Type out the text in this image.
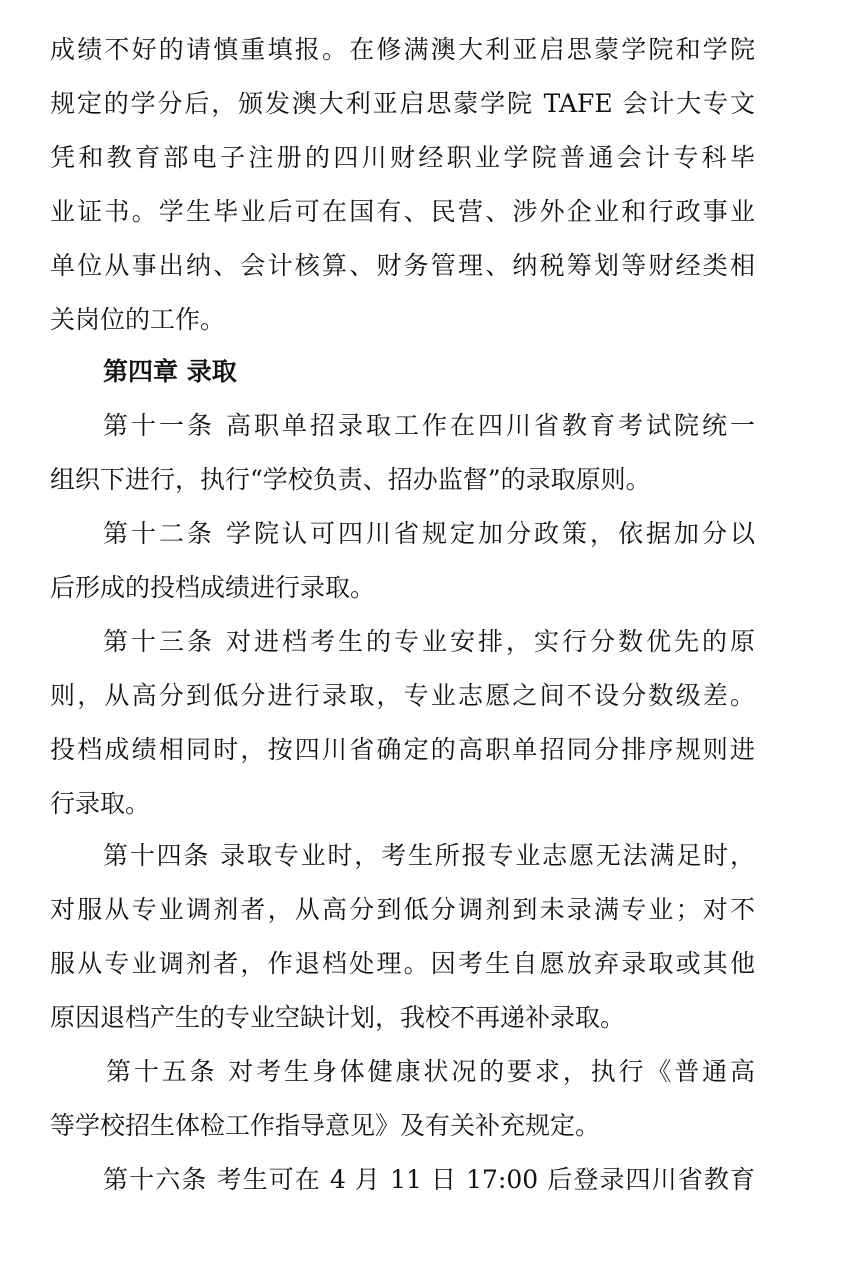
成绩不好的请慎重填报。在修满澳大利亚启思蒙学院和学院
规定的学分后，颁发澳大利亚启思蒙学院 TAFE 会计大专文
凭和教育部电子注册的四川财经职业学院普通会计专科毕
业证书。学生毕业后可在国有、民营、涉外企业和行政事业
单位从事出纳、会计核算、财务管理、纳税筹划等财经类相
关岗位的工作。
第四章 录取
第十一条 高职单招录取工作在四川省教育考试院统一
组织下进行，执行“学校负责、招办监督”的录取原则。
第十二条 学院认可四川省规定加分政策，依据加分以
后形成的投档成绩进行录取。
第十三条 对进档考生的专业安排，实行分数优先的原
则，从高分到低分进行录取，专业志愿之间不设分数级差。
投档成绩相同时，按四川省确定的高职单招同分排序规则进
行录取。
第十四条 录取专业时，考生所报专业志愿无法满足时，
对服从专业调剂者，从高分到低分调剂到未录满专业；对不
服从专业调剂者，作退档处理。因考生自愿放弃录取或其他
原因退档产生的专业空缺计划，我校不再递补录取。
第十五条 对考生身体健康状况的要求，执行《普通高
等学校招生体检工作指导意见》及有关补充规定。
第十六条 考生可在 4 月 11 日 17:00 后登录四川省教育
